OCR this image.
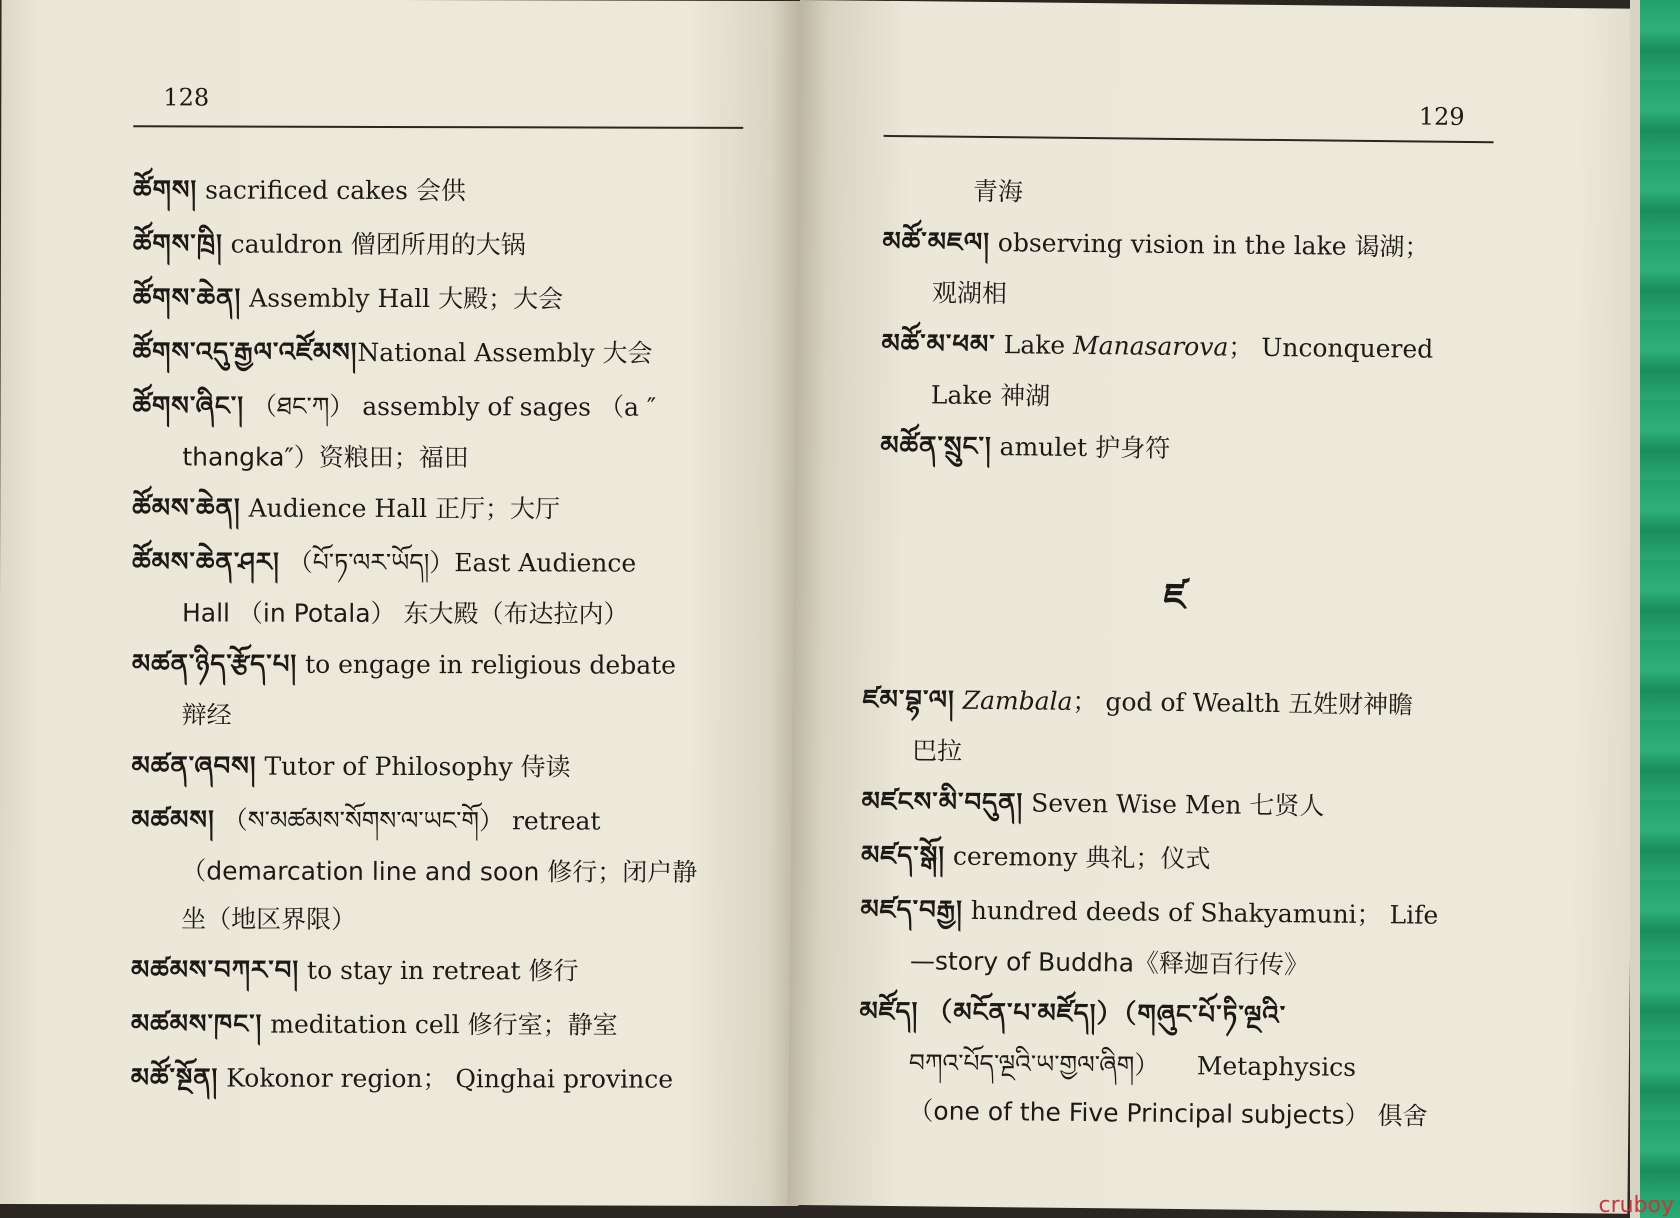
128
ཚོགས། sacrificed cakes 会供
ཚོགས་ཁྲི། cauldron 僧团所用的大锅
ཚོགས་ཆེན། Assembly Hall 大殿；大会
ཚོགས་འདུ་རྒྱལ་འཛོམས།National Assembly 大会
ཚོགས་ཞིང་། （ཐང་ཀ） assembly of sages （a ″
thangka″）资粮田；福田
ཚོམས་ཆེན། Audience Hall 正厅；大厅
ཚོམས་ཆེན་ཤར། （པོ་ཏ་ལར་ཡོད།）East Audience
Hall （in Potala） 东大殿（布达拉内）
མཚན་ཉིད་རྩོད་པ། to engage in religious debate
辩经
མཚན་ཞབས། Tutor of Philosophy 侍读
མཚམས། （ས་མཚམས་སོགས་ལ་ཡང་གོ） retreat
（demarcation line and soon 修行；闭户静
坐（地区界限）
མཚམས་བཀར་བ། to stay in retreat 修行
མཚམས་ཁང་། meditation cell 修行室；静室
མཚོ་སྔོན། Kokonor region； Qinghai province
129
青海
མཚོ་མཇལ། observing vision in the lake 谒湖；
观湖相
མཚོ་མ་ཕམ་ Lake Manasarova； Unconquered
Lake 神湖
མཚོན་སྲུང་། amulet 护身符
ཛ
ཛམ་བྷ་ལ། Zambala； god of Wealth 五姓财神瞻
巴拉
མཛངས་མི་བདུན། Seven Wise Men 七贤人
མཛད་སྒོ། ceremony 典礼；仪式
མཛད་བརྒྱ། hundred deeds of Shakyamuni； Life
—story of Buddha《释迦百行传》
མཛོད། （མངོན་པ་མཛོད།）（གཞུང་པོ་ཏི་ལྔའི་
བཀའ་པོད་ལྔའི་ཡ་གྱལ་ཞིག）　　Metaphysics
（one of the Five Principal subjects） 俱舍
cruboy
